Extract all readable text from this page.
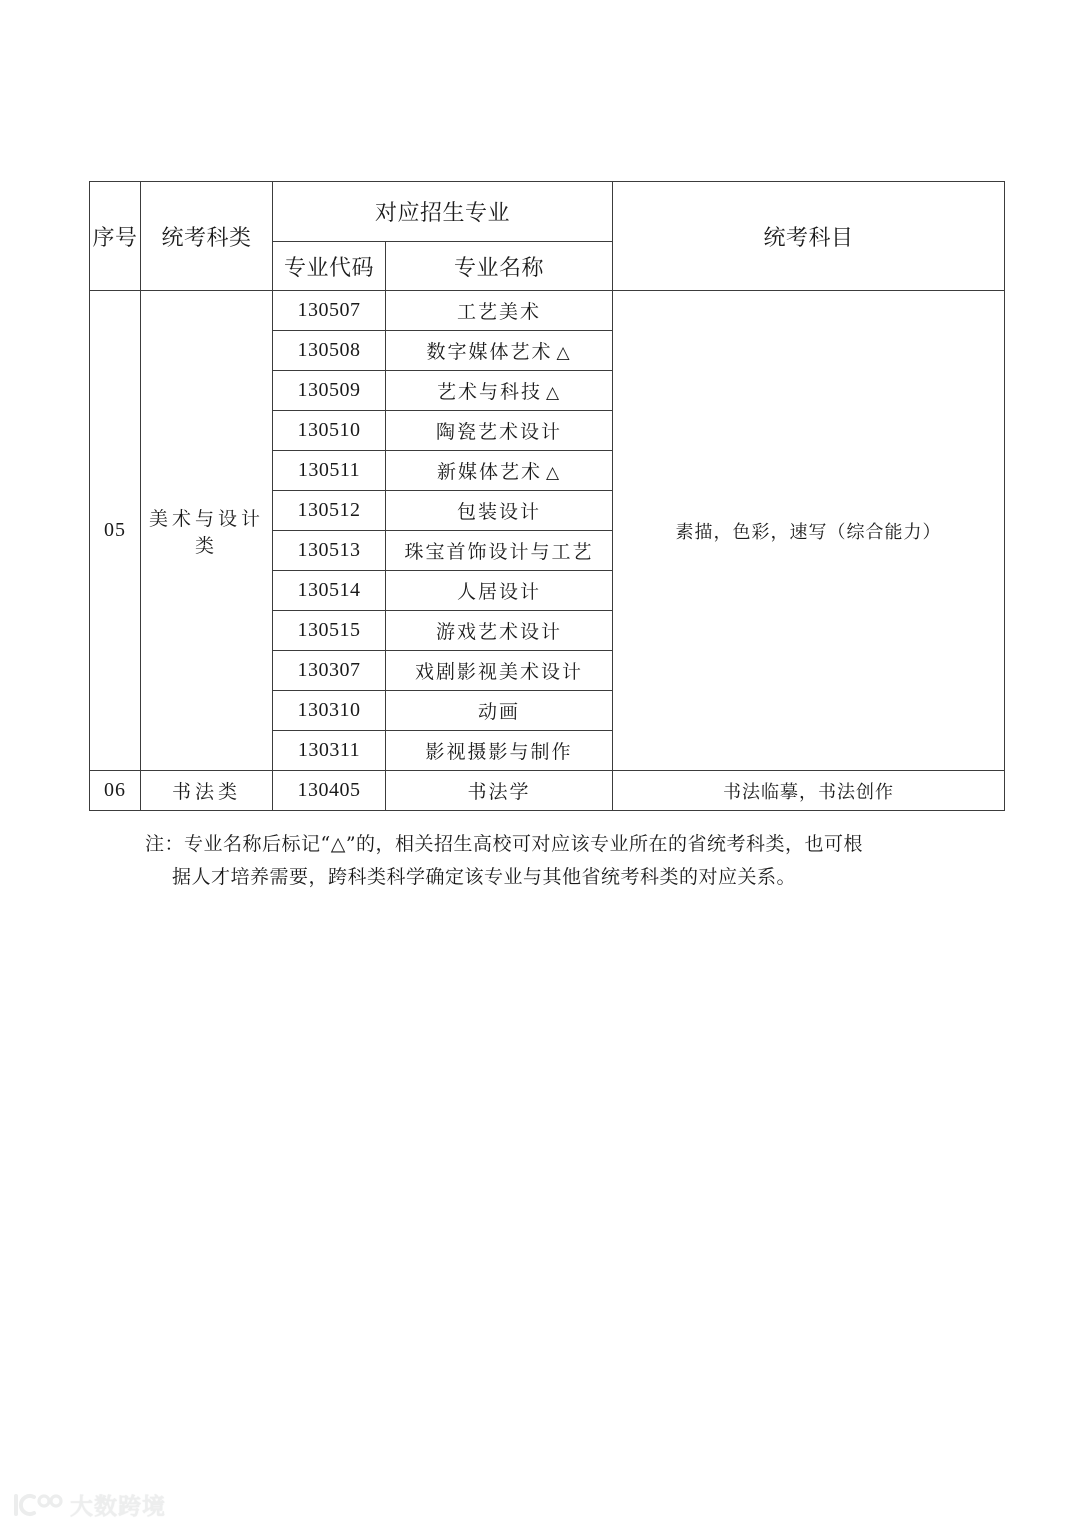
序号	统考科类	对应招生专业		统考科目
		专业代码	专业名称	
05	美术与设计类	130507	工艺美术	素描，色彩，速写（综合能力）
		130508	数字媒体艺术 △	
		130509	艺术与科技 △	
		130510	陶瓷艺术设计	
		130511	新媒体艺术 △	
		130512	包装设计	
		130513	珠宝首饰设计与工艺	
		130514	人居设计	
		130515	游戏艺术设计	
		130307	戏剧影视美术设计	
		130310	动画	
		130311	影视摄影与制作	
06	书法类	130405	书法学	书法临摹，书法创作
注：专业名称后标记“△”的，相关招生高校可对应该专业所在的省统考科类，也可根
据人才培养需要，跨科类科学确定该专业与其他省统考科类的对应关系。
大数跨境
